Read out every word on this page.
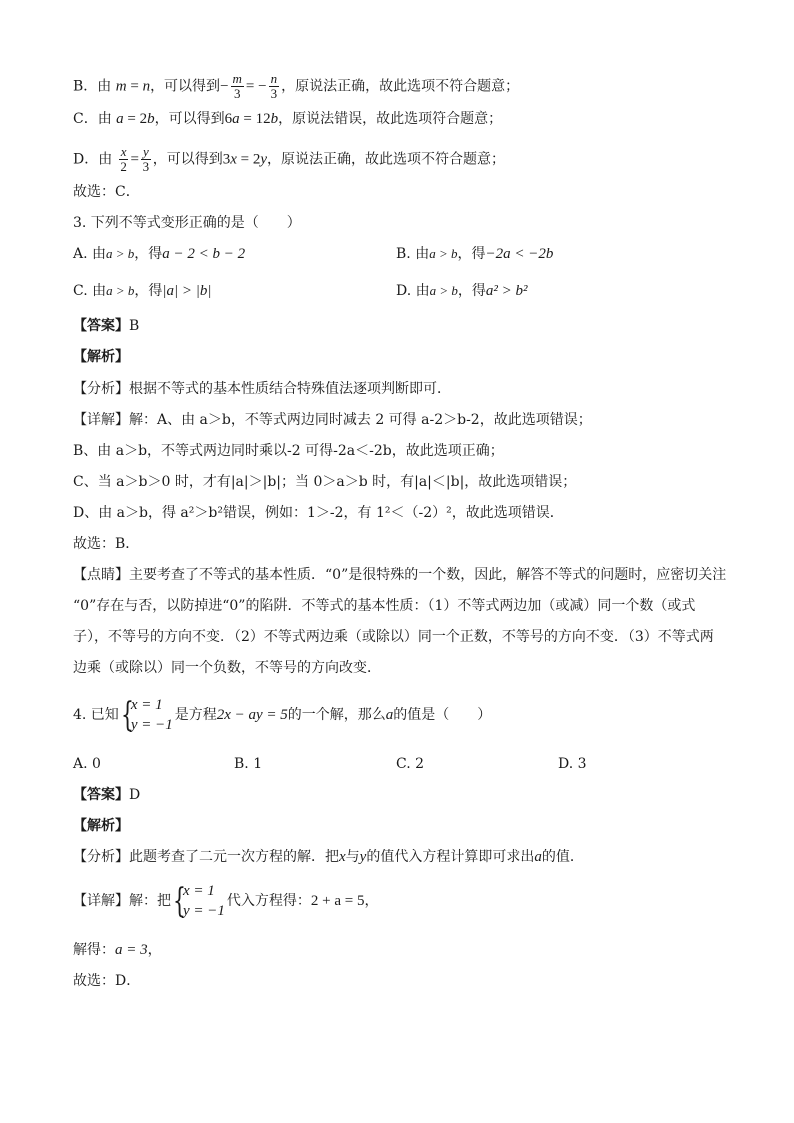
B．由 m = n，可以得到− $\frac{m}{3}$ = − $\frac{n}{3}$ ，原说法正确，故此选项不符合题意；
C．由 a = 2b，可以得到6a = 12b，原说法错误，故此选项符合题意；
D．由 $\frac{x}{2} = \frac{y}{3}$ ，可以得到3x = 2y，原说法正确，故此选项不符合题意；
故选：C．
3. 下列不等式变形正确的是（　　）
A. 由a > b，得a − 2 < b − 2	B. 由a > b，得−2a < −2b
C. 由a > b，得|a| > |b|	D. 由a > b，得a² > b²
【答案】B
【解析】
【分析】根据不等式的基本性质结合特殊值法逐项判断即可．
【详解】解：A、由 a＞b，不等式两边同时减去 2 可得 a-2＞b-2，故此选项错误；
B、由 a＞b，不等式两边同时乘以-2 可得-2a＜-2b，故此选项正确；
C、当 a＞b＞0 时，才有|a|＞|b|；当 0＞a＞b 时，有|a|＜|b|，故此选项错误；
D、由 a＞b，得 a²＞b²错误，例如：1＞-2，有 1²＜（-2）²，故此选项错误．
故选：B．
【点睛】主要考查了不等式的基本性质．“0”是很特殊的一个数，因此，解答不等式的问题时，应密切关注
“0”存在与否，以防掉进“0”的陷阱．不等式的基本性质：（1）不等式两边加（或减）同一个数（或式
子），不等号的方向不变．（2）不等式两边乘（或除以）同一个正数，不等号的方向不变．（3）不等式两
边乘（或除以）同一个负数，不等号的方向改变．
4. 已知 {
x = 1
y = −1
是方程2x − ay = 5的一个解，那么a的值是（　　）
A. 0	B. 1	C. 2	D. 3
【答案】D
【解析】
【分析】此题考查了二元一次方程的解．把x与y的值代入方程计算即可求出a的值．
【详解】解：把 {
x = 1
y = −1
代入方程得：2 + a = 5，
解得：a = 3，
故选：D．
